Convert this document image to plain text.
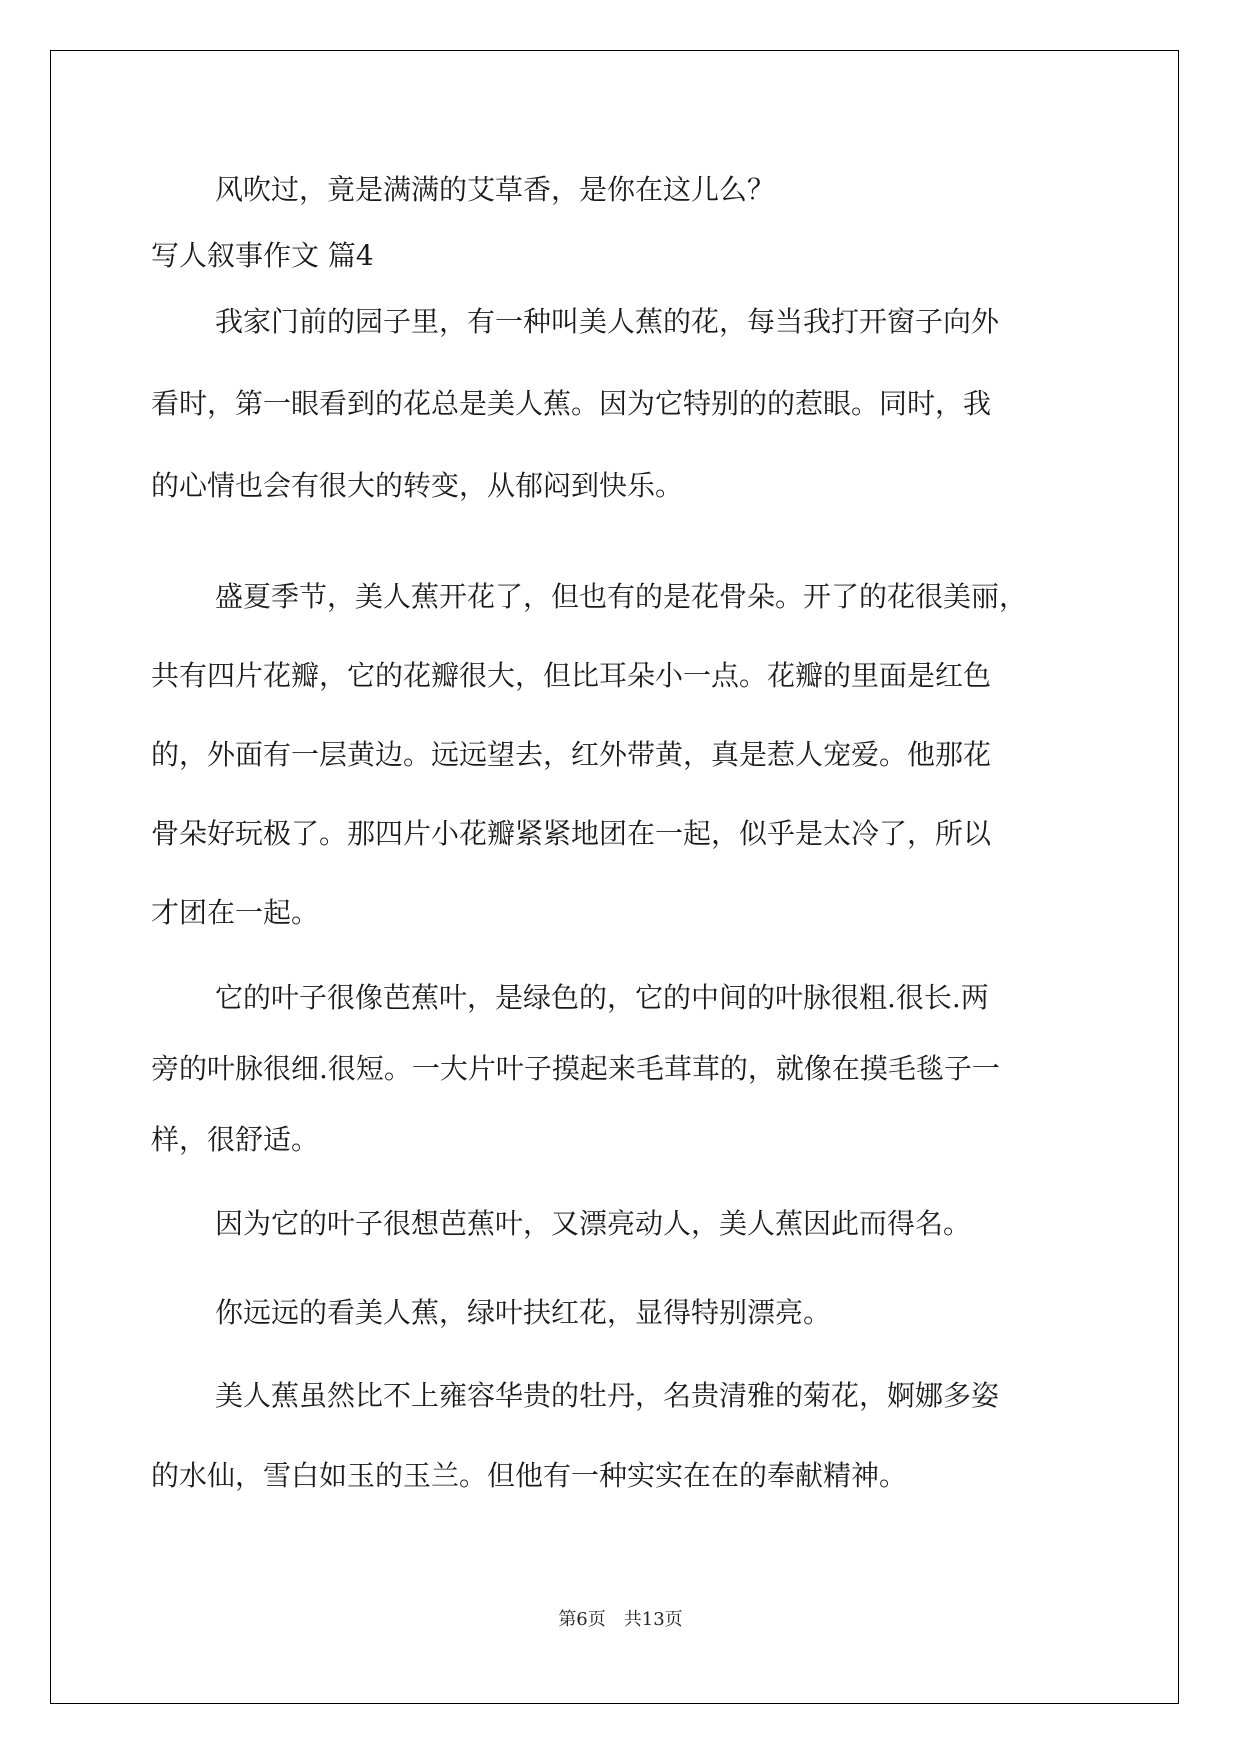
风吹过，竟是满满的艾草香，是你在这儿么？
写人叙事作文 篇4
我家门前的园子里，有一种叫美人蕉的花，每当我打开窗子向外
看时，第一眼看到的花总是美人蕉。因为它特别的的惹眼。同时，我
的心情也会有很大的转变，从郁闷到快乐。
盛夏季节，美人蕉开花了，但也有的是花骨朵。开了的花很美丽，
共有四片花瓣，它的花瓣很大，但比耳朵小一点。花瓣的里面是红色
的，外面有一层黄边。远远望去，红外带黄，真是惹人宠爱。他那花
骨朵好玩极了。那四片小花瓣紧紧地团在一起，似乎是太冷了，所以
才团在一起。
它的叶子很像芭蕉叶，是绿色的，它的中间的叶脉很粗.很长.两
旁的叶脉很细.很短。一大片叶子摸起来毛茸茸的，就像在摸毛毯子一
样，很舒适。
因为它的叶子很想芭蕉叶，又漂亮动人，美人蕉因此而得名。
你远远的看美人蕉，绿叶扶红花，显得特别漂亮。
美人蕉虽然比不上雍容华贵的牡丹，名贵清雅的菊花，婀娜多姿
的水仙，雪白如玉的玉兰。但他有一种实实在在的奉献精神。
第6页 共13页
